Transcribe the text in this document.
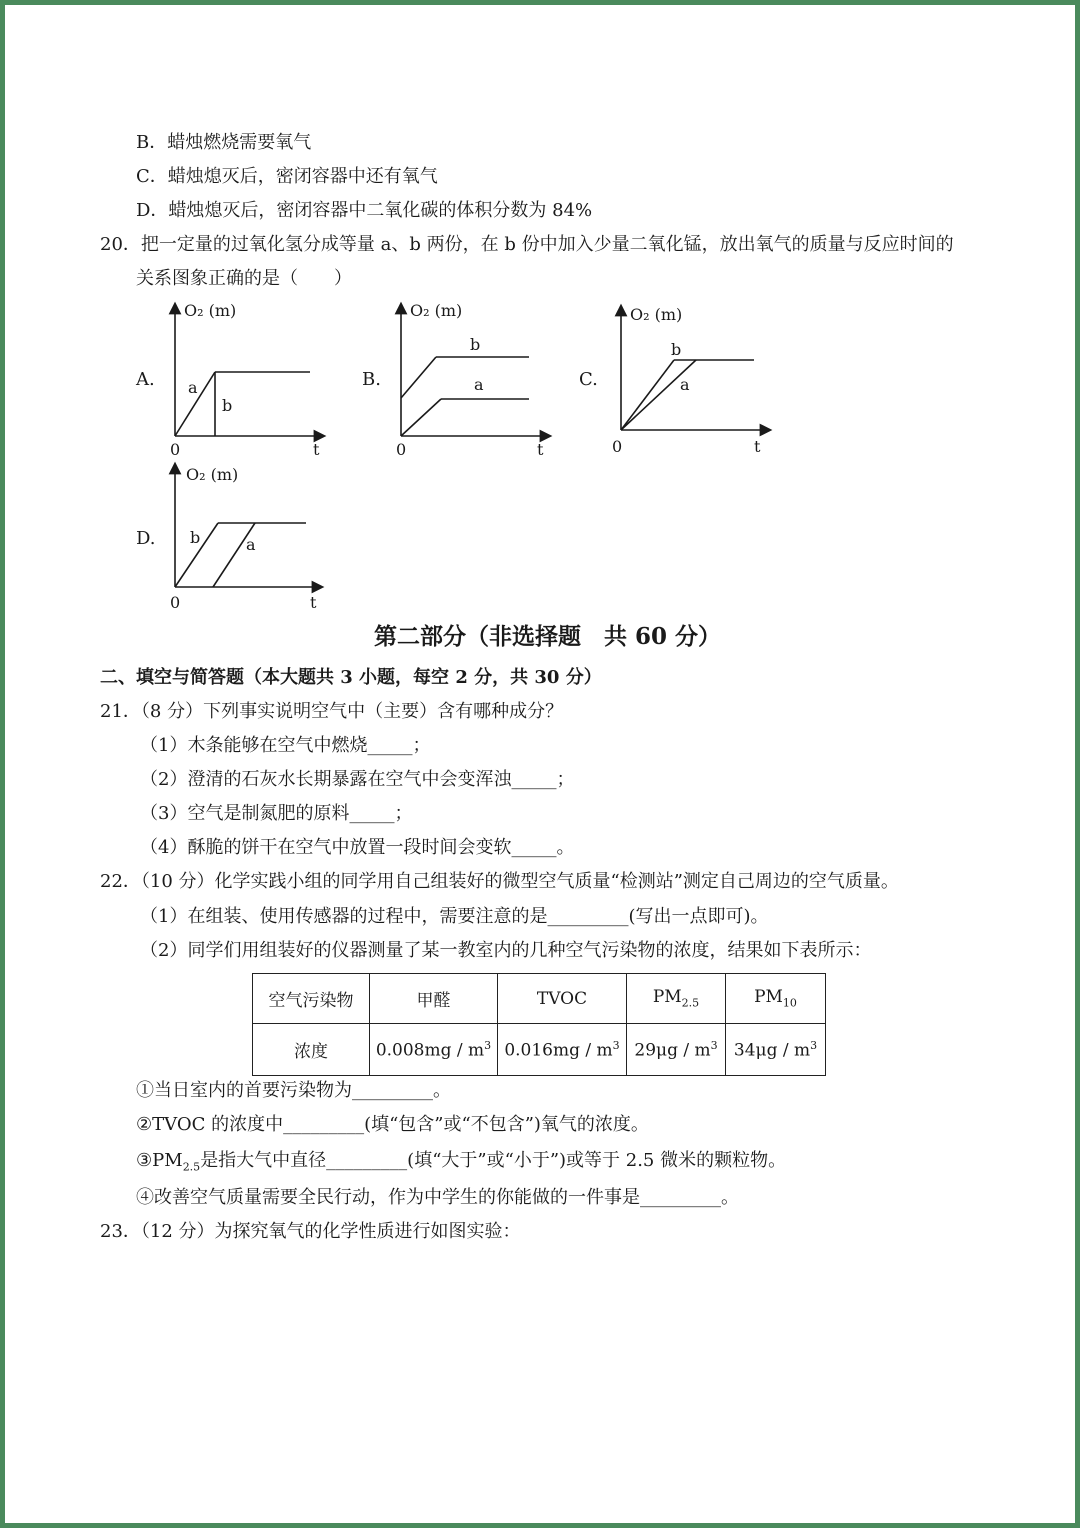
B．蜡烛燃烧需要氧气
C．蜡烛熄灭后，密闭容器中还有氧气
D．蜡烛熄灭后，密闭容器中二氧化碳的体积分数为 84%
20．把一定量的过氧化氢分成等量 a、b 两份，在 b 份中加入少量二氧化锰，放出氧气的质量与反应时间的
关系图象正确的是（　　）
A.	B.	C.
D.
O₂ (m)
0	t
a
b
O₂ (m)
0	t
b
a
O₂ (m)
0	t
b
a
O₂ (m)
0	t
b	a
第二部分（非选择题　共 60 分）
二、填空与简答题（本大题共 3 小题，每空 2 分，共 30 分）
21．（8 分）下列事实说明空气中（主要）含有哪种成分？
（1）木条能够在空气中燃烧_____；
（2）澄清的石灰水长期暴露在空气中会变浑浊_____；
（3）空气是制氮肥的原料_____；
（4）酥脆的饼干在空气中放置一段时间会变软_____。
22．（10 分）化学实践小组的同学用自己组装好的微型空气质量“检测站”测定自己周边的空气质量。
（1）在组装、使用传感器的过程中，需要注意的是_________(写出一点即可)。
（2）同学们用组装好的仪器测量了某一教室内的几种空气污染物的浓度，结果如下表所示：
空气污染物	甲醛	TVOC	$PM_{2.5}$	$PM_{10}$
浓度	$0.008mg / m^3$	$0.016mg / m^3$	$29\mu g / m^3$	$34\mu g / m^3$
①当日室内的首要污染物为_________。
②TVOC 的浓度中_________(填“包含”或“不包含”)氧气的浓度。
$③PM_{2.5}$是指大气中直径_________(填“大于”或“小于”)或等于 2.5 微米的颗粒物。
④改善空气质量需要全民行动，作为中学生的你能做的一件事是_________。
23．（12 分）为探究氧气的化学性质进行如图实验：
